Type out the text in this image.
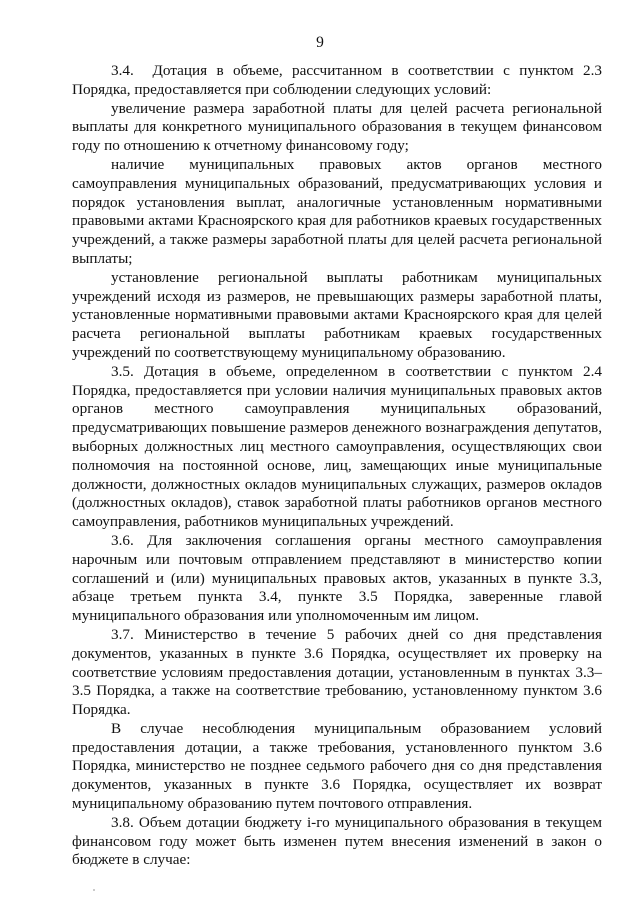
9

3.4.  Дотация в объеме, рассчитанном в соответствии с пунктом 2.3 Порядка, предоставляется при соблюдении следующих условий:

увеличение размера заработной платы для целей расчета региональной выплаты для конкретного муниципального образования в текущем финансовом году по отношению к отчетному финансовому году;

наличие муниципальных правовых актов органов местного самоуправления муниципальных образований, предусматривающих условия и порядок установления выплат, аналогичные установленным нормативными правовыми актами Красноярского края для работников краевых государственных учреждений, а также размеры заработной платы для целей расчета региональной выплаты;

установление региональной выплаты работникам муниципальных учреждений исходя из размеров, не превышающих размеры заработной платы, установленные нормативными правовыми актами Красноярского края для целей расчета региональной выплаты работникам краевых государственных учреждений по соответствующему муниципальному образованию.

3.5. Дотация в объеме, определенном в соответствии с пунктом 2.4 Порядка, предоставляется при условии наличия муниципальных правовых актов органов местного самоуправления муниципальных образований, предусматривающих повышение размеров денежного вознаграждения депутатов, выборных должностных лиц местного самоуправления, осуществляющих свои полномочия на постоянной основе, лиц, замещающих иные муниципальные должности, должностных окладов муниципальных служащих, размеров окладов (должностных окладов), ставок заработной платы работников органов местного самоуправления, работников муниципальных учреждений.

3.6. Для заключения соглашения органы местного самоуправления нарочным или почтовым отправлением представляют в министерство копии соглашений и (или) муниципальных правовых актов, указанных в пункте 3.3, абзаце третьем пункта 3.4, пункте 3.5 Порядка, заверенные главой муниципального образования или уполномоченным им лицом.

3.7. Министерство в течение 5 рабочих дней со дня представления документов, указанных в пункте 3.6 Порядка, осуществляет их проверку на соответствие условиям предоставления дотации, установленным в пунктах 3.3–3.5 Порядка, а также на соответствие требованию, установленному пунктом 3.6 Порядка.

В случае несоблюдения муниципальным образованием условий предоставления дотации, а также требования, установленного пунктом 3.6 Порядка, министерство не позднее седьмого рабочего дня со дня представления документов, указанных в пункте 3.6 Порядка, осуществляет их возврат муниципальному образованию путем почтового отправления.

3.8. Объем дотации бюджету i-го муниципального образования в текущем финансовом году может быть изменен путем внесения изменений в закон о бюджете в случае:
